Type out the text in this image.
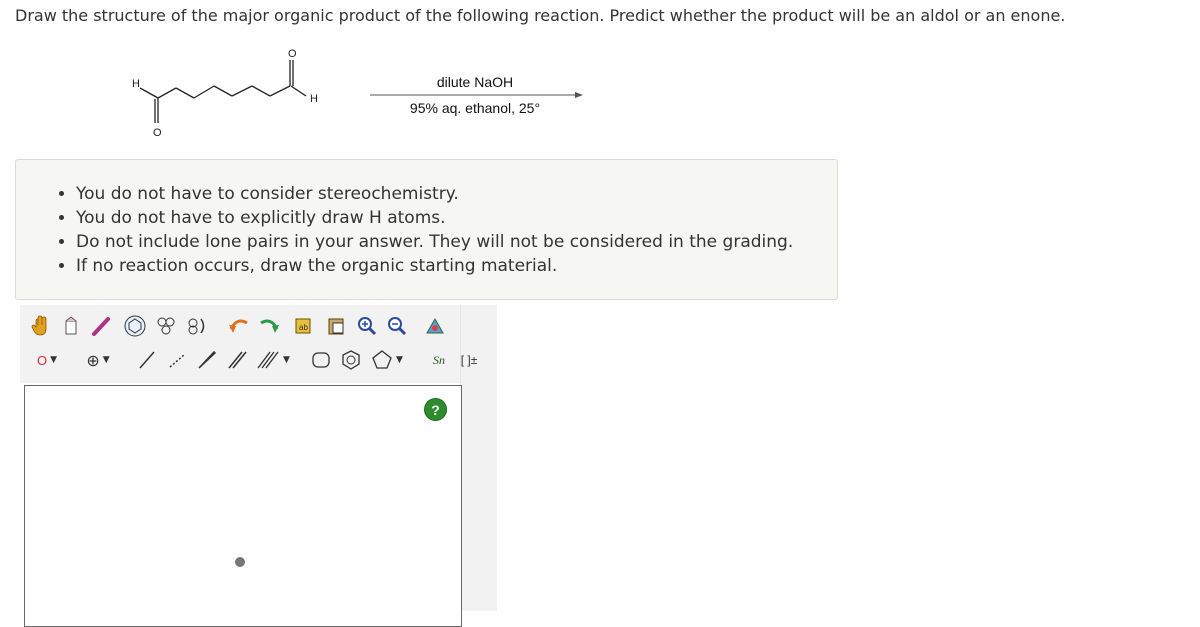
Draw the structure of the major organic product of the following reaction. Predict whether the product will be an aldol or an enone.
H
O
O
H
dilute NaOH
95% aq. ethanol, 25°
• You do not have to consider stereochemistry.
• You do not have to explicitly draw H atoms.
• Do not include lone pairs in your answer. They will not be considered in the grading.
• If no reaction occurs, draw the organic starting material.
ab
O ▼ ⊕ ▼	▼	▼	Sn [ ]±
?
